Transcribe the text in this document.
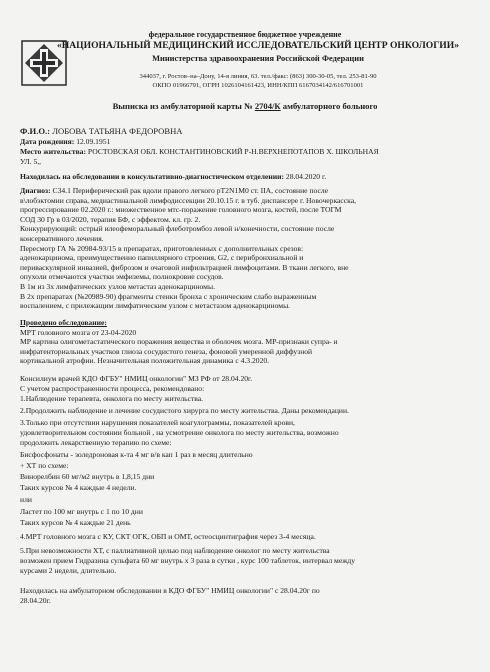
федеральное государственное бюджетное учреждение
«НАЦИОНАЛЬНЫЙ МЕДИЦИНСКИЙ ИССЛЕДОВАТЕЛЬСКИЙ ЦЕНТР ОНКОЛОГИИ»
Министерства здравоохранения Российской Федерации
344037, г. Ростов–на–Дону, 14-я линия, 63. тел./факс: (863) 300-30-05, тел. 253-81-90
ОКПО 01966791, ОГРН 1026104161423, ИНН/КПП 6167034142/616701001
Выписка из амбулаторной карты № 2704/К амбулаторного больного
Ф.И.О.: ЛОБОВА ТАТЬЯНА ФЕДОРОВНА
Дата рождения: 12.09.1951
Место жительства: РОСТОВСКАЯ ОБЛ. КОНСТАНТИНОВСКИЙ Р-Н.ВЕРХНЕПОТАПОВ Х. ШКОЛЬНАЯ
УЛ. 5,,
Находилась на обследовании в консультативно-диагностическом отделении: 28.04.2020 г.
Диагноз: С34.1 Периферический рак вдоли правого легкого рТ2N1М0 ст. IIА, состояние после
в\лобэктомии справа, медиастинальной лимфодиссекции 20.10.15 г. в туб. диспансере г. Новочеркасска,
прогрессирование 02.2020 г.: множественное мтс-поражение головного мозга, костей, после ТОГМ
СОД 30 Гр в 03/2020, терапия БФ, с эффектом. кл. гр. 2.
Конкурирующий: острый илеофеморальный флеботромбоз левой н/конечности, состояние после
консервативного лечения.
Пересмотр ГА № 20984-93/15 в препаратах, приготовленных с дополнительных срезов:
аденокарцинома, преимущественно папиллярного строения, G2, с перибронхиальной и
периваскулярной инвазией, фиброзом и очаговой инфильтрацией лимфоцитами. В ткани легкого, вне
опухоли отмечаются участки эмфиземы, полнокровие сосудов.
В 1м из 3х лимфатических узлов метастаз аденокарциномы.
В 2х препаратах (№20989-90) фрагменты стенки бронха с хроническим слабо выраженным
воспалением, с прилежащим лимфатическим узлом с метастазом аденокарциномы.
Проведено обследование:
МРТ головного мозга от 23-04-2020
МР картина олигометастатического поражения вещества и оболочек мозга. МР-признаки супра- и
инфратенториальных участков глиоза сосудистого генеза, фоновой умеренной диффузной
кортикальной атрофии. Незначительная положительная динамика с 4.3.2020.
Консилиум врачей КДО ФГБУ" НМИЦ онкологии" МЗ РФ от 28.04.20г.
С учетом распространенности процесса, рекомендовано:
1.Наблюдение терапевта, онколога по месту жительства.
2.Продолжить наблюдение и лечение сосудистого хирурга по месту жительства. Даны рекомендации.
3.Только при отсутствии нарушения показателей коагулограммы, показателей крови,
удовлетворительном состоянии больной , на усмотрение онколога по месту жительства, возможно
продолжить лекарственную терапию по схеме:
Бисфосфонаты - золедроновая к-та 4 мг в/в кап 1 раз в месяц длительно
+ ХТ по схеме:
Винорелбин 60 мг/м2 внутрь в 1,8,15 дни
Таких курсов № 4 каждые 4 недели.
или
Ластет по 100 мг внутрь с 1 по 10 дни
Таких курсов № 4 каждые 21 день
4.МРТ головного мозга с КУ, СКТ ОГК, ОБП и ОМТ, остеосцинтиграфия через 3-4 месяца.
5.При невозможности ХТ, с паллиативной целью под наблюдение онколог по месту жительства
возможен прием Гидразина сульфата 60 мг внутрь х 3 раза в сутки , курс 100 таблеток, интервал между
курсами 2 недели, длительно.
Находилась на амбулаторном обследовании в КДО ФГБУ" НМИЦ онкологии" с 28.04.20г по
28.04.20г.
